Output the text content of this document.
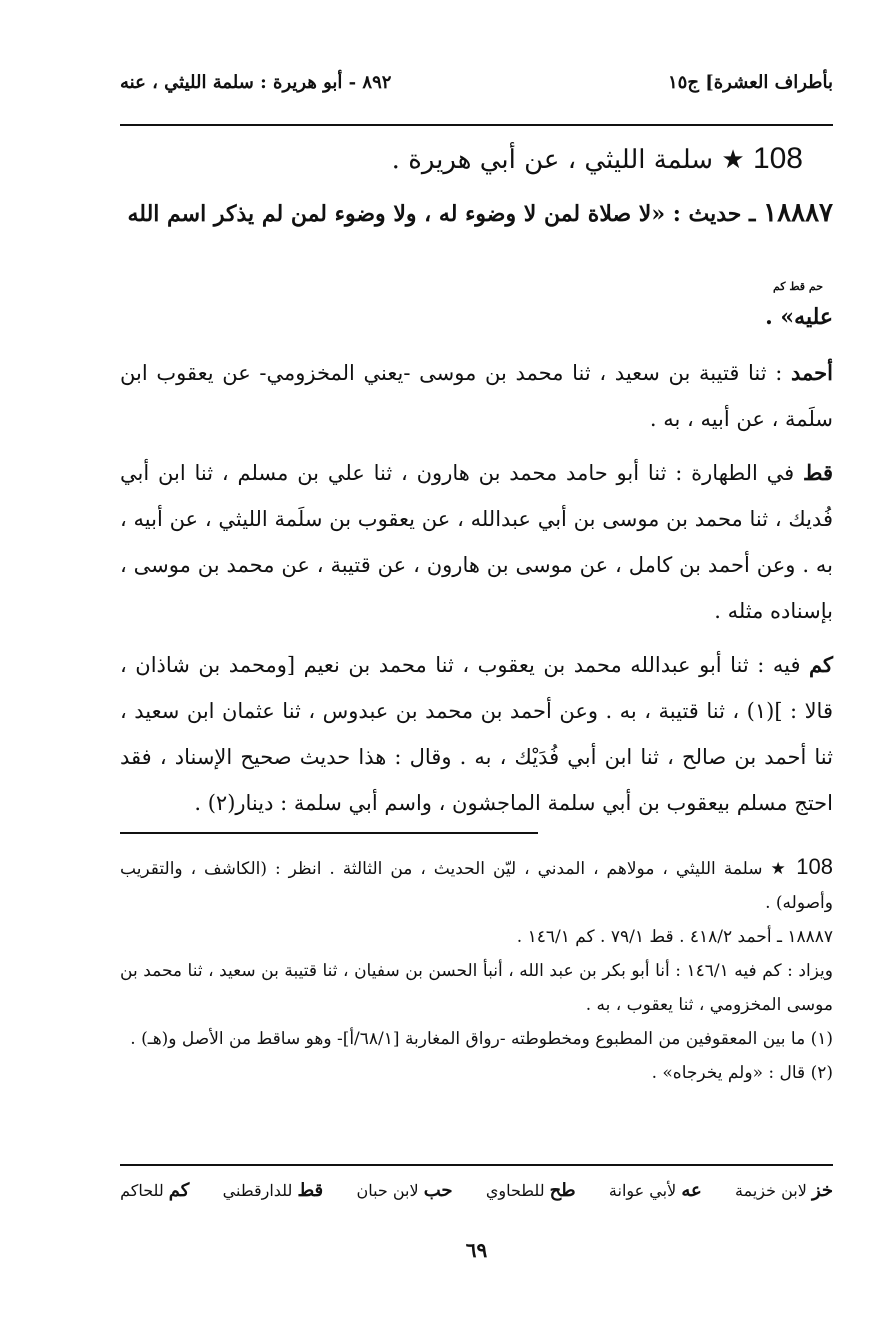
بأطراف العشرة] ج١٥
٨٩٢ - أبو هريرة : سلمة الليثي ، عنه
108 ★ سلمة الليثي ، عن أبي هريرة .
١٨٨٨٧ ـ حديث : «لا صلاة لمن لا وضوء له ، ولا وضوء لمن لم يذكر اسم الله
حم قط كم
عليه» .

أحمد : ثنا قتيبة بن سعيد ، ثنا محمد بن موسى -يعني المخزومي- عن يعقوب ابن سلَمة ، عن أبيه ، به .

قط في الطهارة : ثنا أبو حامد محمد بن هارون ، ثنا علي بن مسلم ، ثنا ابن أبي فُديك ، ثنا محمد بن موسى بن أبي عبدالله ، عن يعقوب بن سلَمة الليثي ، عن أبيه ، به . وعن أحمد بن كامل ، عن موسى بن هارون ، عن قتيبة ، عن محمد بن موسى ، بإسناده مثله .

كم فيه : ثنا أبو عبدالله محمد بن يعقوب ، ثنا محمد بن نعيم [ومحمد بن شاذان ، قالا : ](١) ، ثنا قتيبة ، به . وعن أحمد بن محمد بن عبدوس ، ثنا عثمان ابن سعيد ، ثنا أحمد بن صالح ، ثنا ابن أبي فُدَيْك ، به . وقال : هذا حديث صحيح الإسناد ، فقد احتج مسلم بيعقوب بن أبي سلمة الماجشون ، واسم أبي سلمة : دينار(٢) .

108 ★ سلمة الليثي ، مولاهم ، المدني ، ليّن الحديث ، من الثالثة . انظر : (الكاشف ، والتقريب وأصوله) .

١٨٨٨٧ ـ أحمد ٤١٨/٢ . قط ٧٩/١ . كم ١٤٦/١ .

ويزاد : كم فيه ١٤٦/١ : أنا أبو بكر بن عبد الله ، أنبأ الحسن بن سفيان ، ثنا قتيبة بن سعيد ، ثنا محمد بن موسى المخزومي ، ثنا يعقوب ، به .

(١) ما بين المعقوفين من المطبوع ومخطوطته -رواق المغاربة [٦٨/١/أ]- وهو ساقط من الأصل و(هـ) .

(٢) قال : «ولم يخرجاه» .

خز لابن خزيمة
عه لأبي عوانة
طح للطحاوي
حب لابن حبان
قط للدارقطني
كم للحاكم
٦٩
